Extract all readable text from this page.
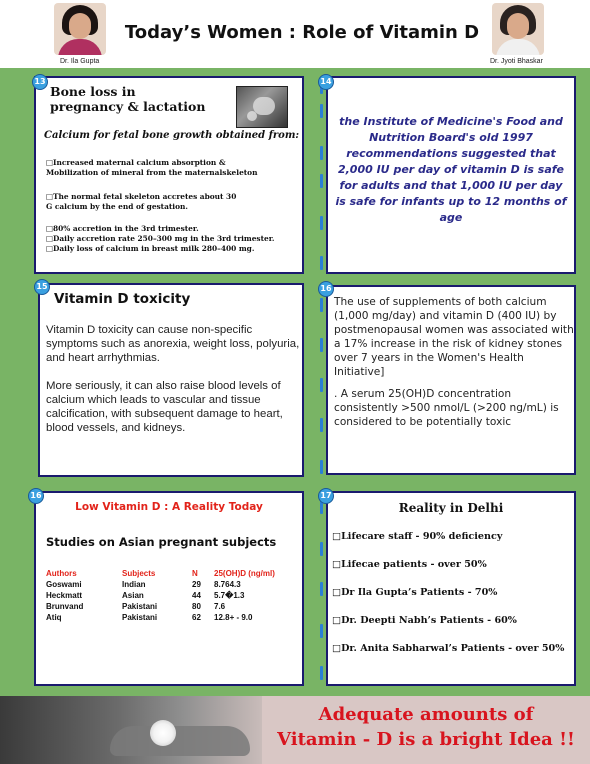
Dr. Ila Gupta
Today’s Women : Role of Vitamin D
Dr. Jyoti Bhaskar
Bone loss in pregnancy & lactation
Calcium for fetal bone growth obtained from:
□Increased maternal calcium absorption &
Mobilization of mineral from the maternalskeleton
□The normal fetal skeleton accretes about 30
G calcium by the end of gestation.
□80% accretion in the 3rd trimester.
□Daily accretion rate 250–300 mg in the 3rd trimester.
□Daily loss of calcium in breast milk 280–400 mg.
13
the Institute of Medicine's Food and Nutrition Board's old 1997 recommendations suggested that 2,000 IU per day of vitamin D is safe for adults and that 1,000 IU per day is safe for infants up to 12 months of age
14
Vitamin D toxicity
Vitamin D toxicity can cause non-specific symptoms such as anorexia, weight loss, polyuria, and heart arrhythmias.
More seriously, it can also raise blood levels of calcium which leads to vascular and tissue calcification, with subsequent damage to heart, blood vessels, and kidneys.
15
The use of supplements of both calcium (1,000 mg/day) and vitamin D (400 IU) by postmenopausal women was associated with a 17% increase in the risk of kidney stones over 7 years in the Women's Health Initiative]
. A serum 25(OH)D concentration consistently >500 nmol/L (>200 ng/mL) is considered to be potentially toxic
16
Low Vitamin D : A Reality Today
Studies on Asian pregnant subjects
Authors	Subjects	N	25(OH)D (ng/ml)
Goswami	Indian	29	8.764.3
Heckmatt	Asian	44	5.7�1.3
Brunvand	Pakistani	80	7.6
Atiq	Pakistani	62	12.8+ - 9.0
16
Reality in Delhi
□Lifecare staff - 90% deficiency
□Lifecae patients - over 50%
□Dr Ila Gupta’s Patients - 70%
□Dr. Deepti Nabh’s Patients - 60%
□Dr. Anita Sabharwal’s Patients - over 50%
17
Adequate amounts of
Vitamin - D is a bright Idea !!
